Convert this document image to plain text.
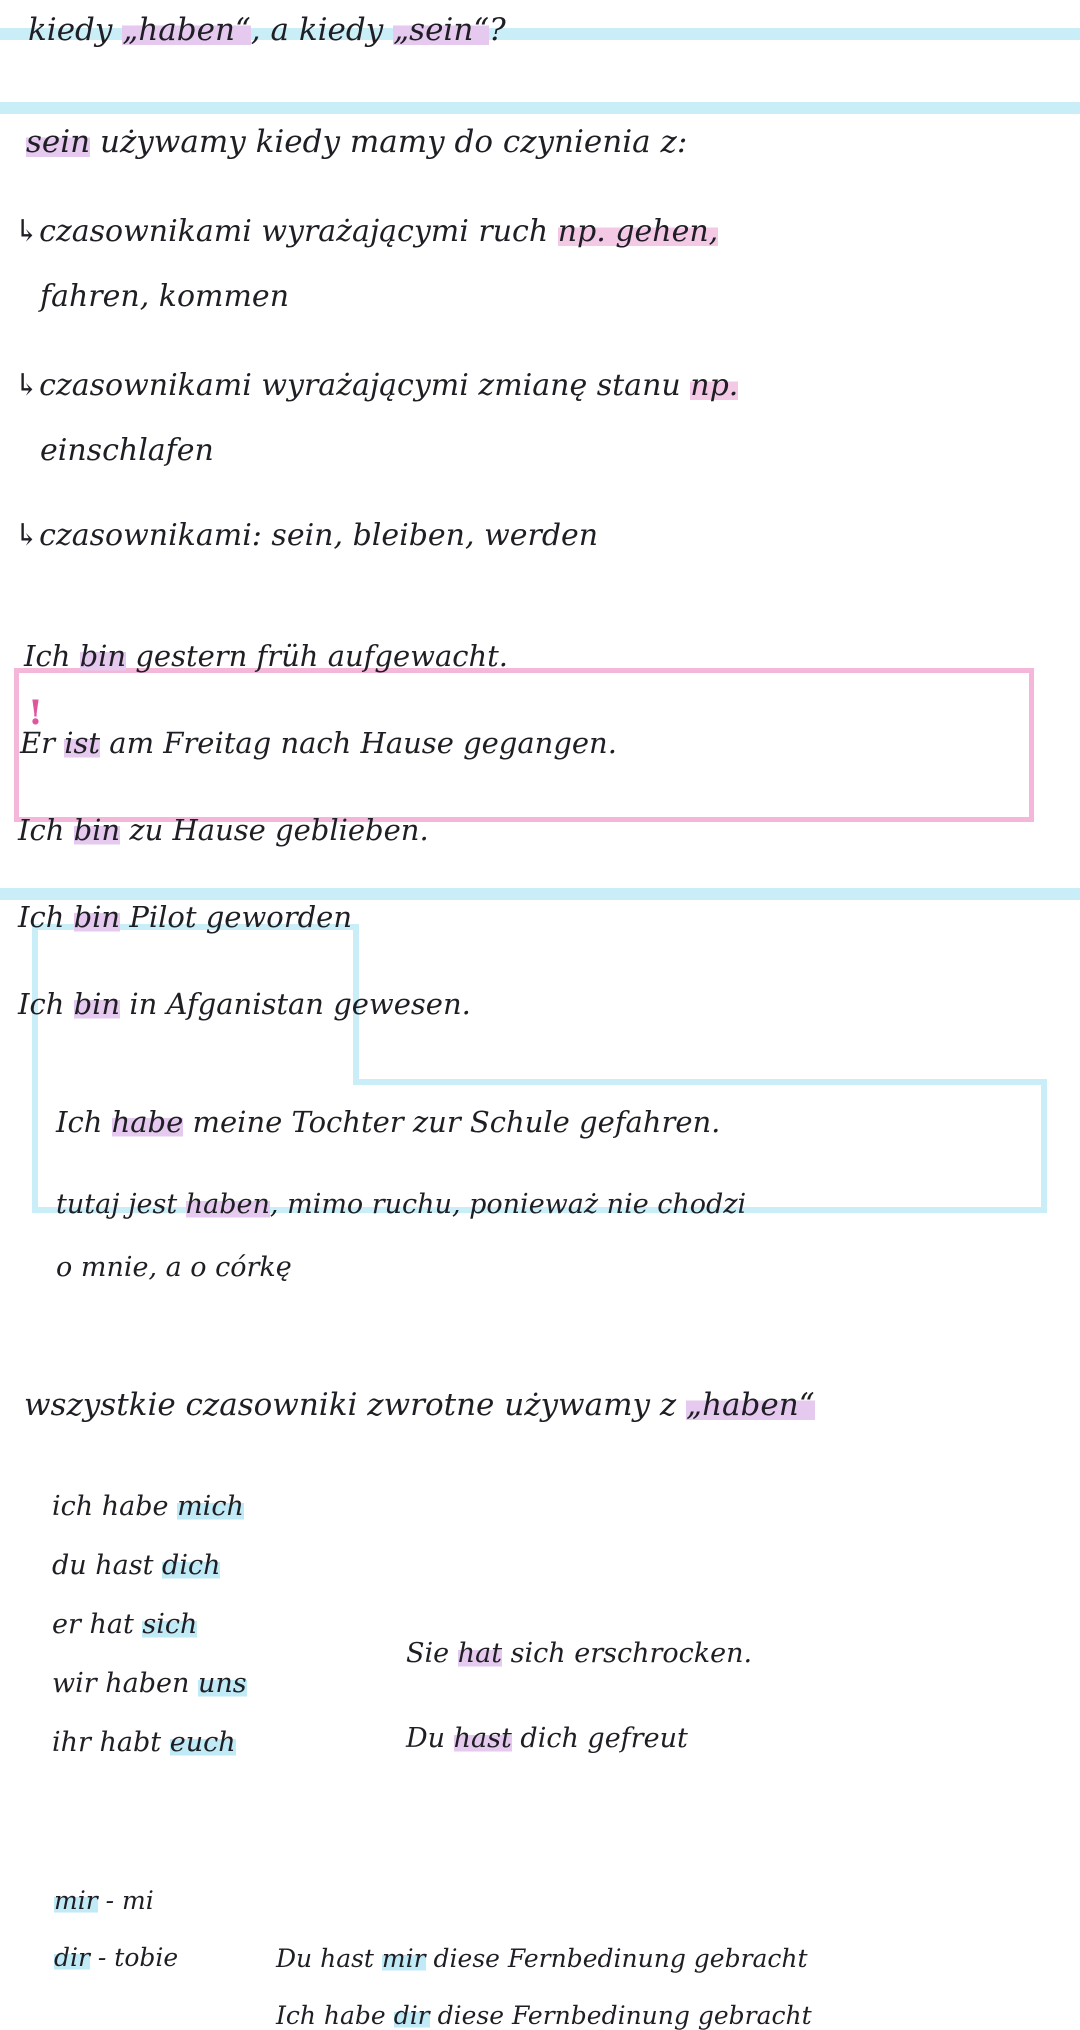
kiedy „haben“, a kiedy „sein“?
sein używamy kiedy mamy do czynienia z:
↳czasownikami wyrażającymi ruch np. gehen,
fahren, kommen
↳czasownikami wyrażającymi zmianę stanu np.
einschlafen
↳czasownikami: sein, bleiben, werden
Ich bin gestern früh aufgewacht.
Er ist am Freitag nach Hause gegangen.
Ich bin zu Hause geblieben.
Ich bin Pilot geworden
Ich bin in Afganistan gewesen.
!
Ich habe meine Tochter zur Schule gefahren.
tutaj jest haben, mimo ruchu, ponieważ nie chodzi
o mnie, a o córkę
wszystkie czasowniki zwrotne używamy z „haben“
ich habe mich
du hast dich
er hat sich
wir haben uns
ihr habt euch
Sie hat sich erschrocken.
Du hast dich gefreut
mir - mi
dir - tobie	Du hast mir diese Fernbedinung gebracht
Ich habe dir diese Fernbedinung gebracht
